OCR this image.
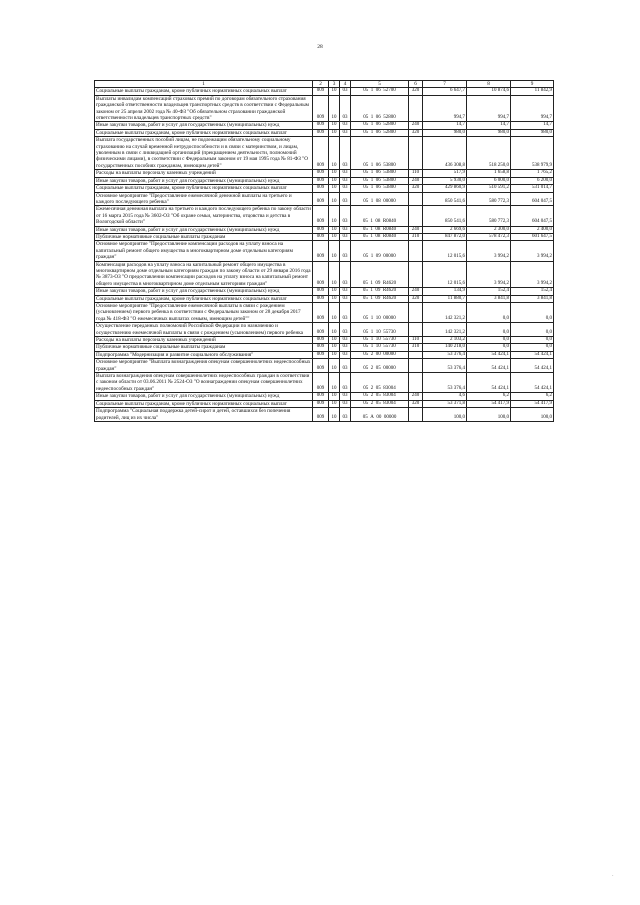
28
1	2	3	4	5	6	7	8	9
Социальные выплаты гражданам, кроме публичных нормативных социальных выплат	009	10	03	05 1 06 52700	320	6 647,7	10 874,6	11 842,9
Выплаты инвалидам компенсаций страховых премий по договорам обязательного страхования гражданской ответственности владельцев транспортных средств в соответствии с Федеральным законом от 25 апреля 2002 года № 40-ФЗ "Об обязательном страховании гражданской ответственности владельцев транспортных средств"	009	10	03	05 1 06 52800		994,7	994,7	994,7
Иные закупки товаров, работ и услуг для государственных (муниципальных) нужд	009	10	03	05 1 06 52800	240	14,7	14,7	14,7
Социальные выплаты гражданам, кроме публичных нормативных социальных выплат	009	10	03	05 1 06 52800	320	980,0	980,0	980,0
Выплата государственных пособий лицам, не подлежащим обязательному социальному страхованию на случай временной нетрудоспособности и в связи с материнством, и лицам, уволенным в связи с ликвидацией организаций (прекращением деятельности, полномочий физическими лицами), в соответствии с Федеральным законом от 19 мая 1995 года № 81-ФЗ "О государственных пособиях гражданам, имеющим детей"	009	10	03	05 1 06 53800		436 308,8	518 250,0	538 979,9
Расходы на выплаты персоналу казенных учреждений	009	10	03	05 1 06 53800	110	517,9	1 658,8	1 765,2
Иные закупки товаров, работ и услуг для государственных (муниципальных) нужд	009	10	03	05 1 06 53800	240	5 930,0	6 000,0	6 200,0
Социальные выплаты гражданам, кроме публичных нормативных социальных выплат	009	10	03	05 1 06 53800	320	429 860,9	510 591,2	531 014,7
Основное мероприятие "Предоставление ежемесячной денежной выплаты на третьего и каждого последующего ребенка"	009	10	03	05 1 08 00000		850 541,6	580 772,3	604 047,5
Ежемесячная денежная выплата на третьего и каждого последующего ребенка по закону области от 16 марта 2015 года № 3602-ОЗ "Об охране семьи, материнства, отцовства и детства в Вологодской области"	009	10	03	05 1 08 R0840		850 541,6	580 772,3	604 047,5
Иные закупки товаров, работ и услуг для государственных (муниципальных) нужд	009	10	03	05 1 08 R0840	240	2 669,6	2 300,0	2 400,0
Публичные нормативные социальные выплаты гражданам	009	10	03	05 1 08 R0840	310	847 872,0	578 472,3	601 647,5
Основное мероприятие "Предоставление компенсации расходов на уплату взноса на капитальный ремонт общего имущества в многоквартирном доме отдельным категориям граждан"	009	10	03	05 1 09 00000		12 015,6	3 994,2	3 994,2
Компенсация расходов на уплату взноса на капитальный ремонт общего имущества в многоквартирном доме отдельным категориям граждан по закону области от 29 января 2016 года № 3873-ОЗ "О предоставлении компенсации расходов на уплату взноса на капитальный ремонт общего имущества в многоквартирном доме отдельным категориям граждан"	009	10	03	05 1 09 R4620		12 015,6	3 994,2	3 994,2
Иные закупки товаров, работ и услуг для государственных (муниципальных) нужд	009	10	03	05 1 09 R4620	240	134,9	152,4	152,4
Социальные выплаты гражданам, кроме публичных нормативных социальных выплат	009	10	03	05 1 09 R4620	320	11 880,7	3 841,8	3 841,8
Основное мероприятие "Предоставление ежемесячной выплаты в связи с рождением (усыновлением) первого ребенка в соответствии с Федеральным законом от 28 декабря 2017 года № 418-ФЗ "О ежемесячных выплатах семьям, имеющим детей""	009	10	03	05 1 10 00000		142 321,2	0,0	0,0
Осуществление переданных полномочий Российской Федерации по назначению и осуществлению ежемесячной выплаты в связи с рождением (усыновлением) первого ребенка	009	10	03	05 1 10 55730		142 321,2	0,0	0,0
Расходы на выплаты персоналу казенных учреждений	009	10	03	05 1 10 55730	110	2 103,2	0,0	0,0
Публичные нормативные социальные выплаты гражданам	009	10	03	05 1 10 55730	310	140 218,0	0,0	0,0
Подпрограмма "Модернизация и развитие социального обслуживания"	009	10	03	05 2 00 00000		53 376,4	54 424,1	54 424,1
Основное мероприятие "Выплата вознаграждения опекунам совершеннолетних недееспособных граждан"	009	10	03	05 2 05 00000		53 376,4	54 424,1	54 424,1
Выплата вознаграждения опекунам совершеннолетних недееспособных граждан в соответствии с законом области от 03.06.2011 № 2524-ОЗ "О вознаграждении опекунам совершеннолетних недееспособных граждан"	009	10	03	05 2 05 83004		53 376,4	54 424,1	54 424,1
Иные закупки товаров, работ и услуг для государственных (муниципальных) нужд	009	10	03	05 2 05 83004	240	4,6	6,2	6,2
Социальные выплаты гражданам, кроме публичных нормативных социальных выплат	009	10	03	05 2 05 83004	320	53 371,8	54 417,9	54 417,9
Подпрограмма "Социальная поддержка детей-сирот и детей, оставшихся без попечения родителей, лиц из их числа"	009	10	03	05 А 00 00000		100,0	100,0	100,0
·
